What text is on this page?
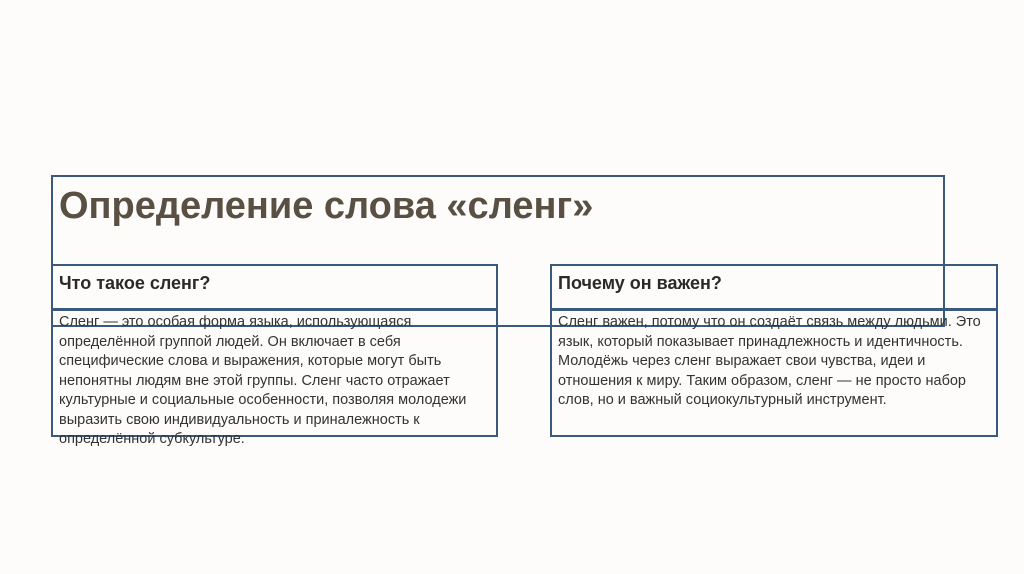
Определение слова «сленг»
Что такое сленг?

Сленг — это особая форма языка, использующаяся определённой группой людей. Он включает в себя специфические слова и выражения, которые могут быть непонятны людям вне этой группы. Сленг часто отражает культурные и социальные особенности, позволяя молодежи выразить свою индивидуальность и приналежность к определённой субкультуре.

Почему он важен?

Сленг важен, потому что он создаёт связь между людьми. Это язык, который показывает принадлежность и идентичность. Молодёжь через сленг выражает свои чувства, идеи и отношения к миру. Таким образом, сленг — не просто набор слов, но и важный социокультурный инструмент.
